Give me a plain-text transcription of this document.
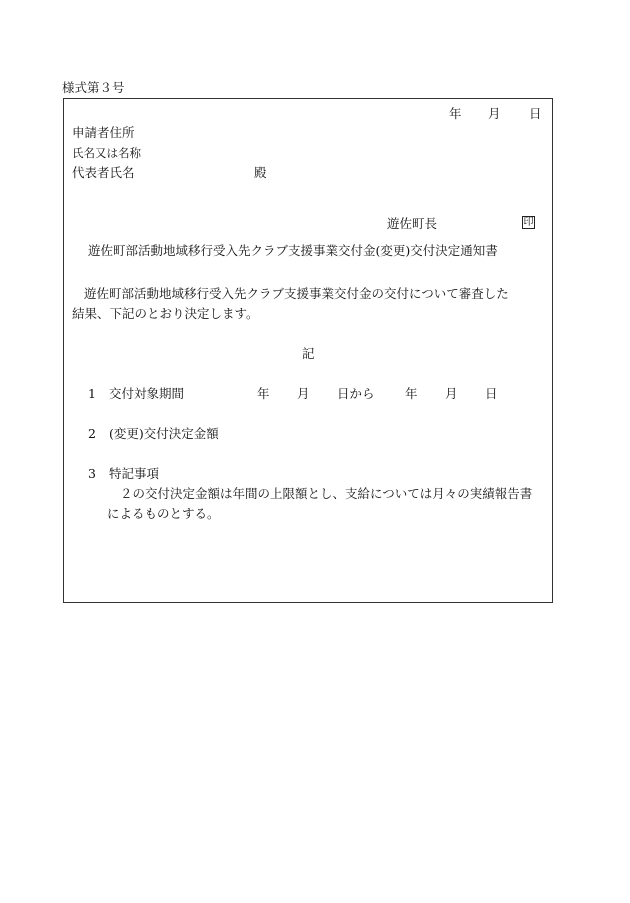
様式第３号
年 月 日
申請者住所
氏名又は名称
代表者氏名	殿
遊佐町長	印
遊佐町部活動地域移行受入先クラブ支援事業交付金(変更)交付決定通知書
遊佐町部活動地域移行受入先クラブ支援事業交付金の交付について審査した
結果、下記のとおり決定します。
記
1 交付対象期間	年 月 日から 年 月 日
2 (変更)交付決定金額
3 特記事項
２の交付決定金額は年間の上限額とし、支給については月々の実績報告書
によるものとする。
